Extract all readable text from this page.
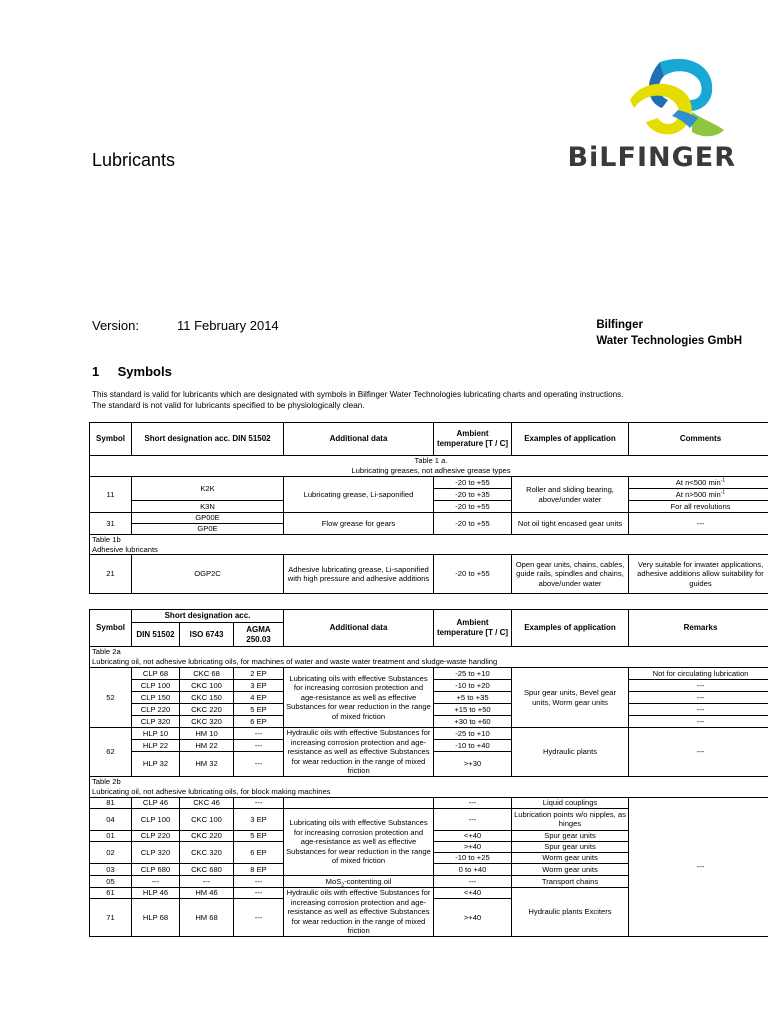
Lubricants	BiLFINGER
Version:	11 February 2014	Bilfinger
Water Technologies GmbH
1 Symbols
This standard is valid for lubricants which are designated with symbols in Bilfinger Water Technologies lubricating charts and operating instructions.
The standard is not valid for lubricants specified to be physiologically clean.
Symbol	Short designation acc. DIN 51502	Additional data	Ambient temperature [T / C]	Examples of application	Comments

Table 1 a.
Lubricating greases, not adhesive grease types					

11	K2K	Lubricating grease, Li-saponified	-20 to +55	Roller and sliding bearing, above/under water	At n<500 $\min^{-1}$
			-20 to +35		At n>500 $\min^{-1}$
	K3N		-20 to +55		For all revolutions
31	GP00E	Flow grease for gears	-20 to +55	Not oil tight encased gear units	---
	GP0E				

Table 1b
Adhesive lubricants					

21	OGP2C	Adhesive lubricating grease, Li-saponified with high pressure and adhesive additions	-20 to +55	Open gear units, chains, cables, guide rails, spindles and chains, above/under water	Very suitable for inwater applications, adhesive additions allow suitability for guides
Symbol	Short designation acc.			Additional data	Ambient temperature [T / C]	Examples of application	Remarks
	DIN 51502	ISO 6743	AGMA 250.03				

Table 2a
Lubricating oil, not adhesive lubricating oils, for machines of water and waste water treatment and sludge-waste handling							

52	CLP 68	CKC 68	2 EP	Lubricating oils with effective Substances for increasing corrosion protection and age-resistance as well as effective Substances for wear reduction in the range of mixed friction	-25 to +10	Spur gear units, Bevel gear units, Worm gear units	Not for circulating lubrication
	CLP 100	CKC 100	3 EP		-10 to +20		---
	CLP 150	CKC 150	4 EP		+5 to +35		---
	CLP 220	CKC 220	5 EP		+15 to +50		---
	CLP 320	CKC 320	6 EP		+30 to +60		---
62	HLP 10	HM 10	---	Hydraulic oils with effective Substances for increasing corrosion protection and age-resistance as well as effective Substances for wear reduction in the range of mixed friction	-25 to +10	Hydraulic plants	---
	HLP 22	HM 22	---		-10 to +40		
	HLP 32	HM 32	---		>+30		

Table 2b
Lubricating oil, not adhesive lubricating oils, for block making machines							

81	CLP 46	CKC 46	---		---	Liquid couplings	---
04	CLP 100	CKC 100	3 EP	Lubricating oils with effective Substances for increasing corrosion protection and age-resistance as well as effective Substances for wear reduction in the range of mixed friction	---	Lubrication points w/o nipples, as hinges	
01	CLP 220	CKC 220	5 EP		<+40	Spur gear units	
02	CLP 320	CKC 320	6 EP		>+40	Spur gear units	
					-10 to +25	Worm gear units	
03	CLP 680	CKC 680	8 EP		0 to +40	Worm gear units	
05	---	---	---	MoS$_2$-contenting oil	---	Transport chains	
61	HLP 46	HM 46	---	Hydraulic oils with effective Substances for increasing corrosion protection and age-resistance as well as effective Substances for wear reduction in the range of mixed friction	<+40	Hydraulic plants Exciters	
71	HLP 68	HM 68	---		>+40		
